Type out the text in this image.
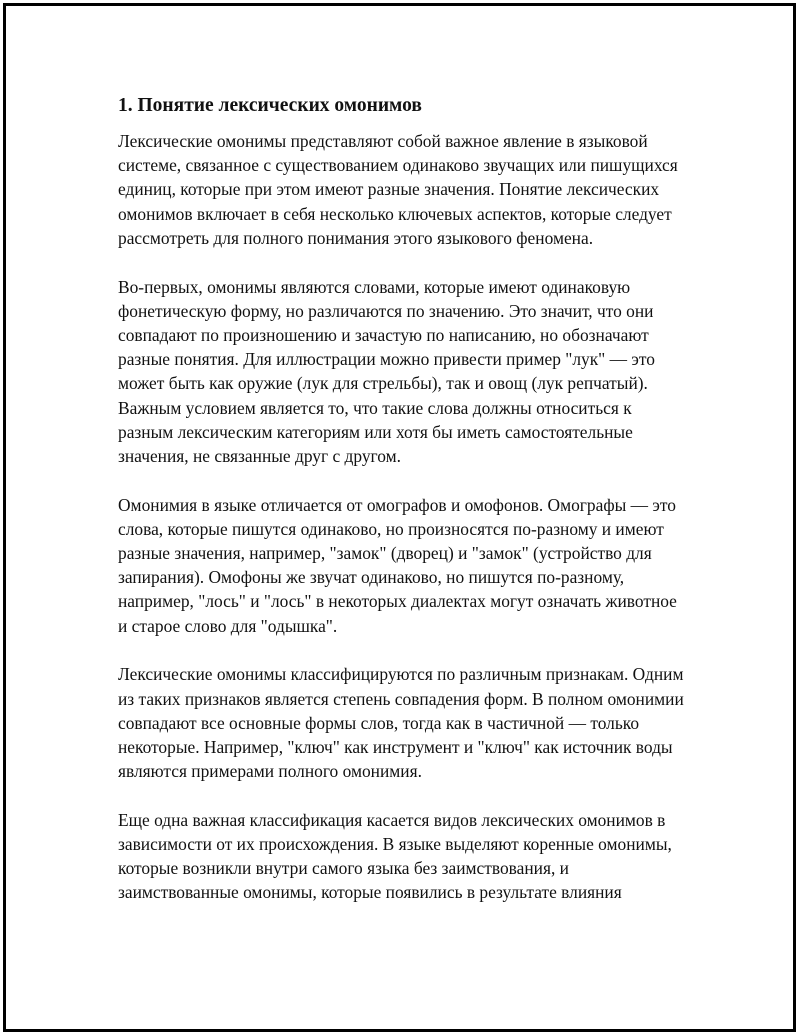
1. Понятие лексических омонимов

Лексические омонимы представляют собой важное явление в языковой системе, связанное с существованием одинаково звучащих или пишущихся единиц, которые при этом имеют разные значения. Понятие лексических омонимов включает в себя несколько ключевых аспектов, которые следует рассмотреть для полного понимания этого языкового феномена.

Во-первых, омонимы являются словами, которые имеют одинаковую фонетическую форму, но различаются по значению. Это значит, что они совпадают по произношению и зачастую по написанию, но обозначают разные понятия. Для иллюстрации можно привести пример "лук" — это может быть как оружие (лук для стрельбы), так и овощ (лук репчатый). Важным условием является то, что такие слова должны относиться к разным лексическим категориям или хотя бы иметь самостоятельные значения, не связанные друг с другом.

Омонимия в языке отличается от омографов и омофонов. Омографы — это слова, которые пишутся одинаково, но произносятся по-разному и имеют разные значения, например, "замок" (дворец) и "замок" (устройство для запирания). Омофоны же звучат одинаково, но пишутся по-разному, например, "лось" и "лось" в некоторых диалектах могут означать животное и старое слово для "одышка".

Лексические омонимы классифицируются по различным признакам. Одним из таких признаков является степень совпадения форм. В полном омонимии совпадают все основные формы слов, тогда как в частичной — только некоторые. Например, "ключ" как инструмент и "ключ" как источник воды являются примерами полного омонимия.

Еще одна важная классификация касается видов лексических омонимов в зависимости от их происхождения. В языке выделяют коренные омонимы, которые возникли внутри самого языка без заимствования, и заимствованные омонимы, которые появились в результате влияния
